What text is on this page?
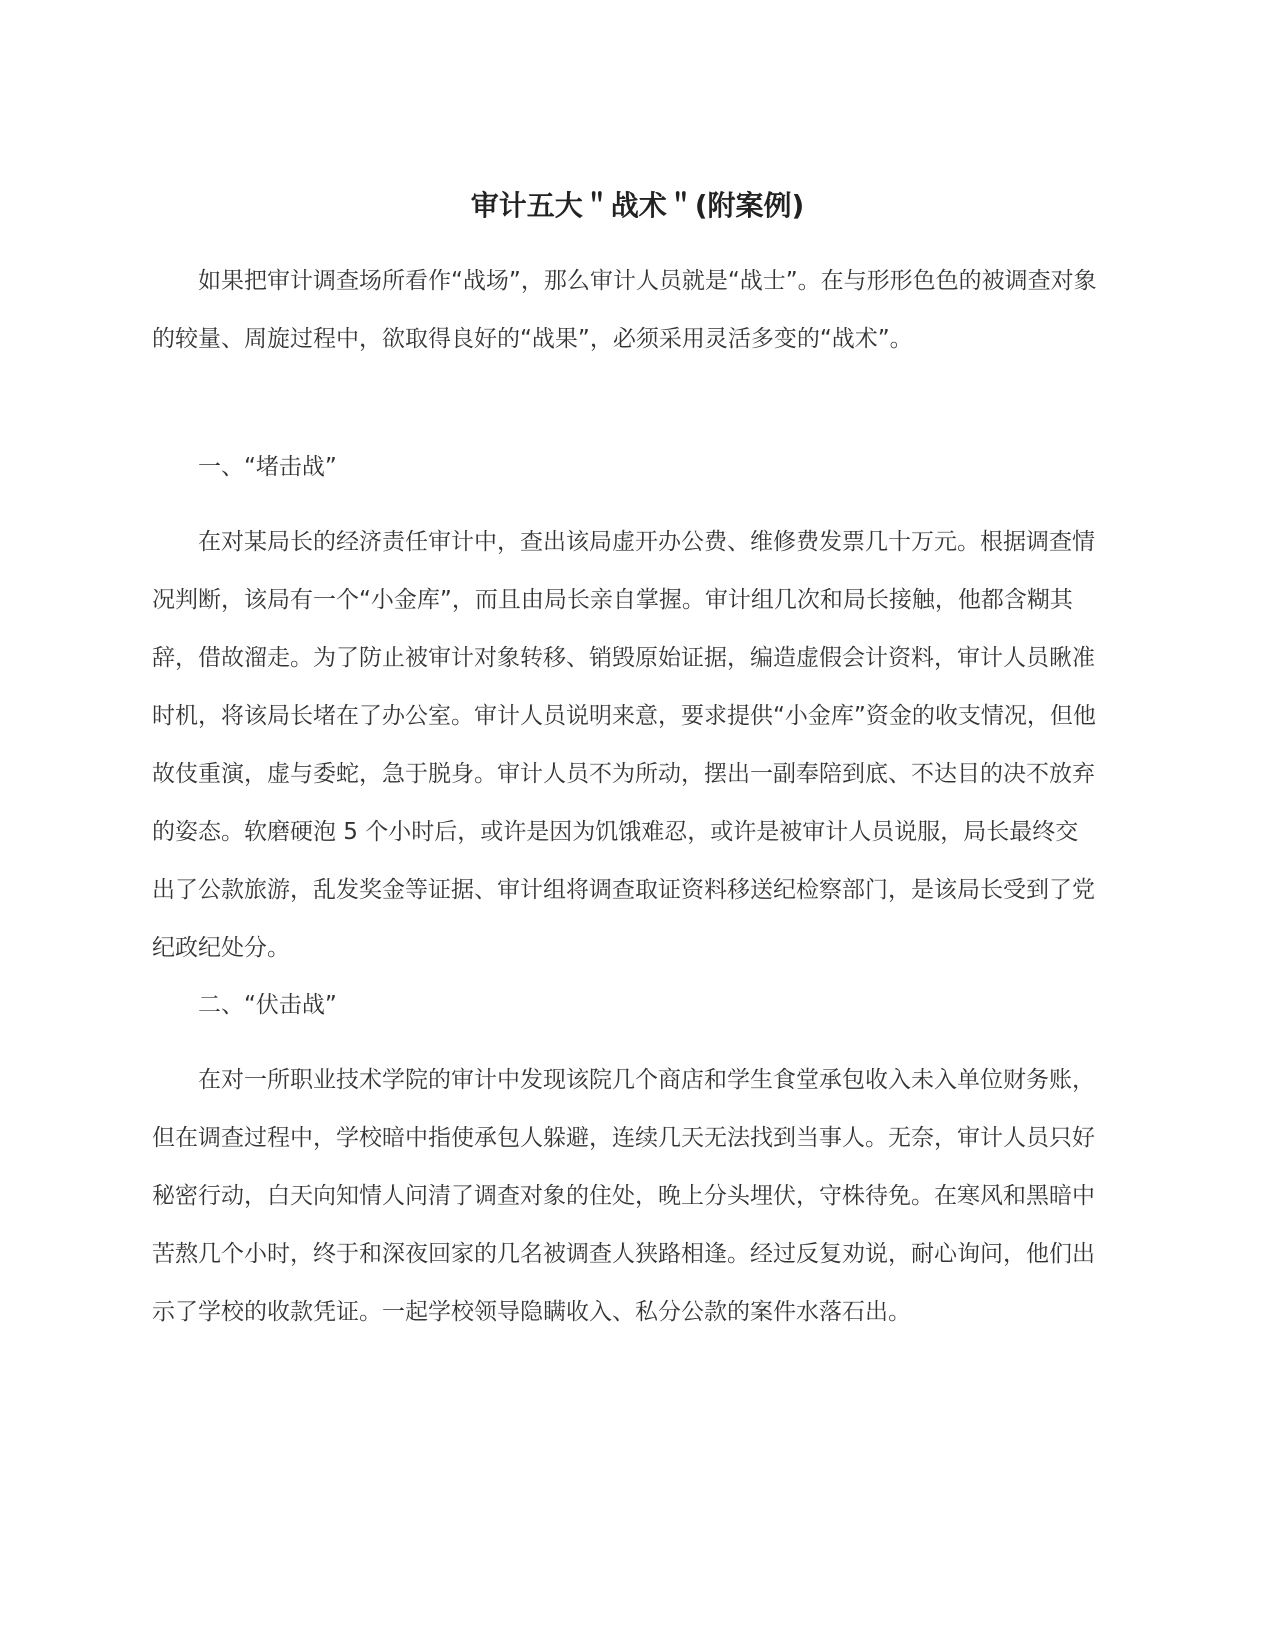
审计五大＂战术＂(附案例)

如果把审计调查场所看作“战场”，那么审计人员就是“战士”。在与形形色色的被调查对象的较量、周旋过程中，欲取得良好的“战果”，必须采用灵活多变的“战术”。

一、“堵击战”

在对某局长的经济责任审计中，查出该局虚开办公费、维修费发票几十万元。根据调查情况判断，该局有一个“小金库”，而且由局长亲自掌握。审计组几次和局长接触，他都含糊其辞，借故溜走。为了防止被审计对象转移、销毁原始证据，编造虚假会计资料，审计人员瞅准时机，将该局长堵在了办公室。审计人员说明来意，要求提供“小金库”资金的收支情况，但他故伎重演，虚与委蛇，急于脱身。审计人员不为所动，摆出一副奉陪到底、不达目的决不放弃的姿态。软磨硬泡 5 个小时后，或许是因为饥饿难忍，或许是被审计人员说服，局长最终交出了公款旅游，乱发奖金等证据、审计组将调查取证资料移送纪检察部门，是该局长受到了党纪政纪处分。

二、“伏击战”

在对一所职业技术学院的审计中发现该院几个商店和学生食堂承包收入未入单位财务账，但在调查过程中，学校暗中指使承包人躲避，连续几天无法找到当事人。无奈，审计人员只好秘密行动，白天向知情人问清了调查对象的住处，晚上分头埋伏，守株待免。在寒风和黑暗中苦熬几个小时，终于和深夜回家的几名被调查人狭路相逢。经过反复劝说，耐心询问，他们出示了学校的收款凭证。一起学校领导隐瞒收入、私分公款的案件水落石出。
